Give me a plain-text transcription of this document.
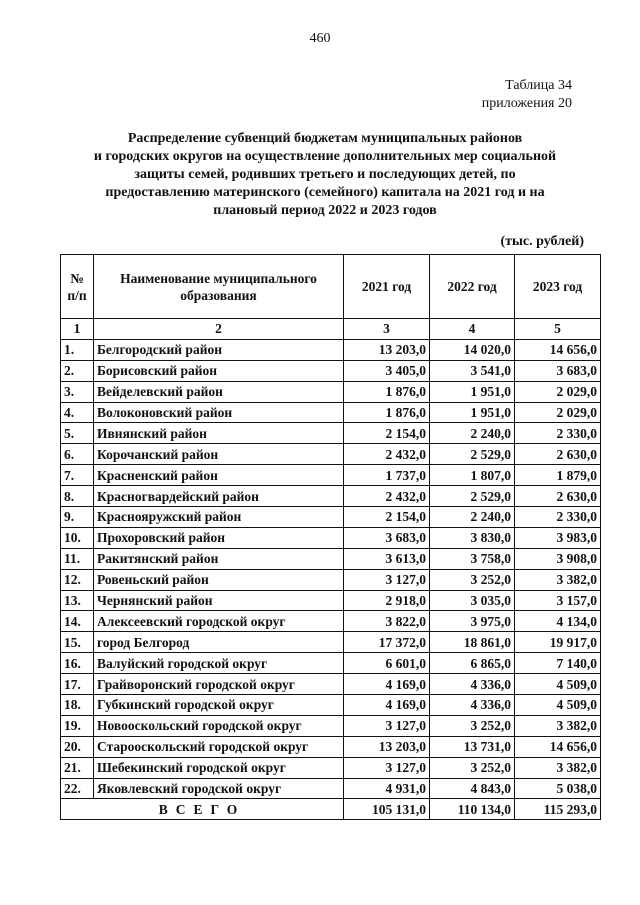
460
Таблица 34
приложения 20
Распределение субвенций бюджетам муниципальных районов
и городских округов на осуществление дополнительных мер социальной
защиты семей, родивших третьего и последующих детей, по
предоставлению материнского (семейного) капитала на 2021 год и на
плановый период 2022 и 2023 годов
(тыс. рублей)
№ п/п	Наименование муниципального образования	2021 год	2022 год	2023 год
1	2	3	4	5
1.	Белгородский район	13 203,0	14 020,0	14 656,0
2.	Борисовский район	3 405,0	3 541,0	3 683,0
3.	Вейделевский район	1 876,0	1 951,0	2 029,0
4.	Волоконовский район	1 876,0	1 951,0	2 029,0
5.	Ивнянский район	2 154,0	2 240,0	2 330,0
6.	Корочанский район	2 432,0	2 529,0	2 630,0
7.	Красненский район	1 737,0	1 807,0	1 879,0
8.	Красногвардейский район	2 432,0	2 529,0	2 630,0
9.	Краснояружский район	2 154,0	2 240,0	2 330,0
10.	Прохоровский район	3 683,0	3 830,0	3 983,0
11.	Ракитянский район	3 613,0	3 758,0	3 908,0
12.	Ровеньский район	3 127,0	3 252,0	3 382,0
13.	Чернянский район	2 918,0	3 035,0	3 157,0
14.	Алексеевский городской округ	3 822,0	3 975,0	4 134,0
15.	город Белгород	17 372,0	18 861,0	19 917,0
16.	Валуйский городской округ	6 601,0	6 865,0	7 140,0
17.	Грайворонский городской округ	4 169,0	4 336,0	4 509,0
18.	Губкинский городской округ	4 169,0	4 336,0	4 509,0
19.	Новооскольский городской округ	3 127,0	3 252,0	3 382,0
20.	Старооскольский городской округ	13 203,0	13 731,0	14 656,0
21.	Шебекинский городской округ	3 127,0	3 252,0	3 382,0
22.	Яковлевский городской округ	4 931,0	4 843,0	5 038,0
ВСЕГО		105 131,0	110 134,0	115 293,0
